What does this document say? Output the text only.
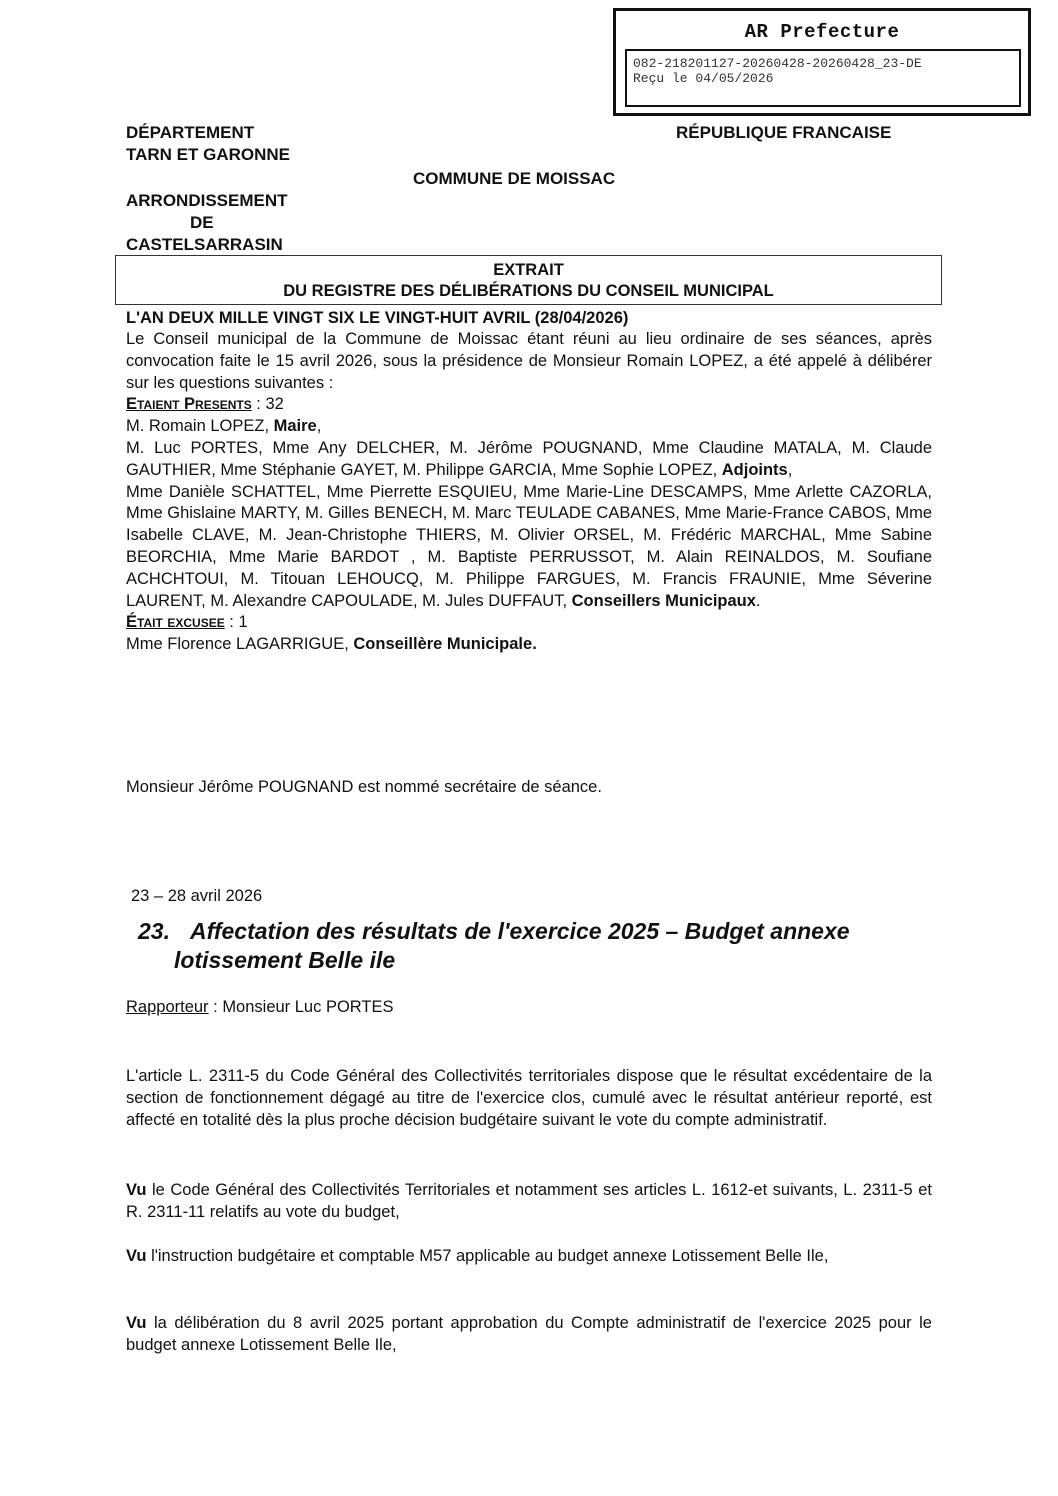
AR Prefecture
082-218201127-20260428-20260428_23-DE
Reçu le 04/05/2026
DÉPARTEMENT
TARN ET GARONNE
RÉPUBLIQUE FRANCAISE
COMMUNE DE MOISSAC
ARRONDISSEMENT
DE
CASTELSARRASIN
EXTRAIT
DU REGISTRE DES DÉLIBÉRATIONS DU CONSEIL MUNICIPAL
L'AN DEUX MILLE VINGT SIX LE VINGT-HUIT AVRIL (28/04/2026)
Le Conseil municipal de la Commune de Moissac étant réuni au lieu ordinaire de ses séances, après convocation faite le 15 avril 2026, sous la présidence de Monsieur Romain LOPEZ, a été appelé à délibérer sur les questions suivantes :
Etaient Presents : 32
M. Romain LOPEZ, Maire,
M. Luc PORTES, Mme Any DELCHER, M. Jérôme POUGNAND, Mme Claudine MATALA, M. Claude GAUTHIER, Mme Stéphanie GAYET, M. Philippe GARCIA, Mme Sophie LOPEZ, Adjoints,
Mme Danièle SCHATTEL, Mme Pierrette ESQUIEU, Mme Marie-Line DESCAMPS, Mme Arlette CAZORLA, Mme Ghislaine MARTY, M. Gilles BENECH, M. Marc TEULADE CABANES, Mme Marie-France CABOS, Mme Isabelle CLAVE, M. Jean-Christophe THIERS, M. Olivier ORSEL, M. Frédéric MARCHAL, Mme Sabine BEORCHIA, Mme Marie BARDOT , M. Baptiste PERRUSSOT, M. Alain REINALDOS, M. Soufiane ACHCHTOUI, M. Titouan LEHOUCQ, M. Philippe FARGUES, M. Francis FRAUNIE, Mme Séverine LAURENT, M. Alexandre CAPOULADE, M. Jules DUFFAUT, Conseillers Municipaux.
Était excusee : 1
Mme Florence LAGARRIGUE, Conseillère Municipale.
Monsieur Jérôme POUGNAND est nommé secrétaire de séance.
23 – 28 avril 2026
23. Affectation des résultats de l'exercice 2025 – Budget annexe
lotissement Belle ile
Rapporteur : Monsieur Luc PORTES
L'article L. 2311-5 du Code Général des Collectivités territoriales dispose que le résultat excédentaire de la section de fonctionnement dégagé au titre de l'exercice clos, cumulé avec le résultat antérieur reporté, est affecté en totalité dès la plus proche décision budgétaire suivant le vote du compte administratif.
Vu le Code Général des Collectivités Territoriales et notamment ses articles L. 1612-et suivants, L. 2311-5 et R. 2311-11 relatifs au vote du budget,
Vu l'instruction budgétaire et comptable M57 applicable au budget annexe Lotissement Belle Ile,
Vu la délibération du 8 avril 2025 portant approbation du Compte administratif de l'exercice 2025 pour le budget annexe Lotissement Belle Ile,
